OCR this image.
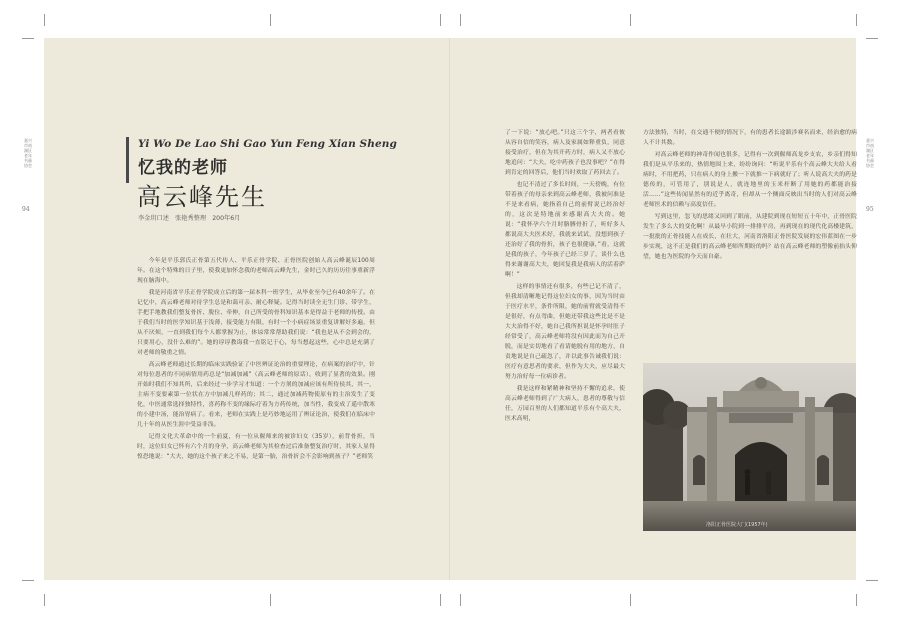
嘉兴市南湖区老年书画协会
94
嘉兴市南湖区老年书画协会
95
Yi Wo De Lao Shi Gao Yun Feng Xian Sheng
忆我的老师
高云峰先生
李金玥口述　张艳秀整理　200年6月

今年是平乐郭氏正骨第五代传人、平乐正骨学院、正骨医院创始人高云峰诞辰100周年。在这个特殊的日子里，使我更加怀念我的老师高云峰先生，金时已久的历历往事重新浮现在脑海中。

我是河南省平乐正骨学院成立后的第一届本科一班学生，从毕业至今已有40余年了。在记忆中，高云峰老师对待学生总是和蔼可亲、耐心释疑。记得当时读全无生门诊、带学生，手把手地教我们整复骨折、脱位、牵伸，自己所受的骨科知识基本是得益于老师的传授。由于我们当时的医学知识基于浅薄，接受能力有限，有时一个小病症场景重复讲解好多遍，但从不厌烦，一直到我们每个人都掌握为止，体谅常常帮助我们说：“我也是从不会到会的，只要用心，没什么难的”。她的谆谆教诲我一直铭记于心，每当想起这些，心中总是充满了对老师的敬重之情。

高云峰老师通过长期的临床实践验证了中医辨证论治的重要理论，在病案的治疗中，针对每位患者的不同病情用药总是“加减加减”（高云峰老师的原话），收到了显著的效果。刚开始时我们不知其所，后来经过一步学习才知道：一个方剂的加减应该有所侍侯其，其一，主病不变要素第一位状在方中加减几样药的；其二，通过加减药物使原有的主治发生了变化，中医通常选择独特性，喜药称不变的缘际疗着为方药传统，加当性，我变成了遥中散寒的小建中汤，能治胃病了。看来，老师在实践上是巧妙地运用了辨证论治，使我们在临床中几十年的从医生涯中受益非浅。

记得文化大革命中的一个前夏，有一位从偃师来的被诊妇女（35岁），前背骨折，当时，这位妇女已怀有六个月的身孕，高云峰老师为其检查过后准备整复治疗时，其家人显得惶恐地说：“大夫，她的这个孩子来之不易，是第一胎，治骨折会不会影响到孩子？”老师笑

了一下说：“放心吧。”只这三个字，两者看彼从容自信的笑容，病人及家属如释重负，同意接受治疗，但在为其开药方时，病人又不放心地追问：“大夫，吃中药孩子也没事吧？”在得到肯定的回答后，他们当时欢取了药回去了。

也记不清过了多长时间，一天傍晚，有位带着孩子的母亲来到高云峰老师，我被问准是不是来看病，她指着自己的前臂说已经治好的，这次是特地前来感谢高大夫的。她说：“我怀孕六个月时胳膊骨折了，听好多人都说高大夫医术好，我就来试试，没想到孩子还治好了我的骨折，孩子也很健康，”看，这就是我的孩子，今年孩子已经三岁了，谈什么也得来谢谢高大夫，她回复我是我病人的活着萨啊！”

这样的事情还有很多，有些已记不清了，但我却清晰地记得这位妇女的事，因为当时由于医疗水平，条件所限，她的前臂就受清得不是很好，有点弯曲，但她还带我这些比是不是大夫治得不好，她自己我所担说是怀孕时肚子经常受了，高云峰老师将没有因此而为自己开脱，而是实切地看了看请她脱有用的地方，自责地说是自己疏忽了，并以此事告诫我们说：医疗有意思者的要求，但作为大夫，应尽最大努力治好每一位病诊者。

我是这样和紧精神和坚持不懈的追求，使高云峰老师得到了广大病人，患者的尊敬与信任，万园百里的人们都知道平乐有个高大夫，医术高明，

方法独特，当时，在交通不便的情况下，有的患者长途跋涉赛名而来，经治愈的病人不计其数。

对高云峰老师的神奇作闻也很多，记得有一次到偃师高龙乡支农，乡亲们得知我们是从平乐来的，热情地围上来，纷纷询问：“听说平乐有个高云峰大夫给人看病时，不用把药，只在病人的身上搬一下就推一下病就好了；听人说高大夫的药是德传的，可管用了，别说是人，就连地里的玉米杆断了用她的药都能治接活……”这些传闻显然有的近乎离奇，但却从一个侧面反映出当时的人们对高云峰老师医术的信赖与高度信任。

写到这里，忽飞的思绪又回到了眼前，从建院到现在短短五十年中，正骨医院发生了多么大的变化啊！从最早小院到一排排平房，再到现在的现代化高楼建筑，一批批的正骨技能人在成长，在壮大，河南省洛阳正骨医院发展的宏伟蓝图在一步步实现，这不正是我们的高云峰老师所期盼的吗？站在高云峰老师的塑像前抬头仰望，她也为医院的今天而自豪。

洛阳正骨医院大门(1957年)
